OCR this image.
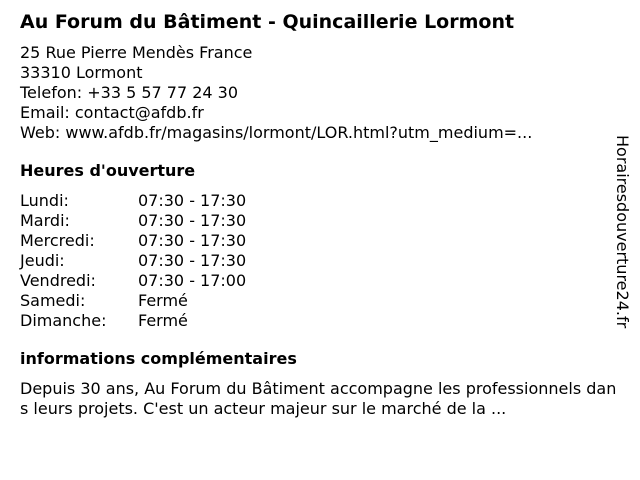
Au Forum du Bâtiment - Quincaillerie Lormont
25 Rue Pierre Mendès France
33310 Lormont
Telefon: +33 5 57 77 24 30
Email: contact@afdb.fr
Web: www.afdb.fr/magasins/lormont/LOR.html?utm_medium=...
Heures d'ouverture
Lundi:	07:30 - 17:30
Mardi:	07:30 - 17:30
Mercredi:	07:30 - 17:30
Jeudi:	07:30 - 17:30
Vendredi:	07:30 - 17:00
Samedi:	Fermé
Dimanche:	Fermé
informations complémentaires
Depuis 30 ans, Au Forum du Bâtiment accompagne les professionnels dans leurs projets. C'est un acteur majeur sur le marché de la ...
Horairesdouverture24.fr
